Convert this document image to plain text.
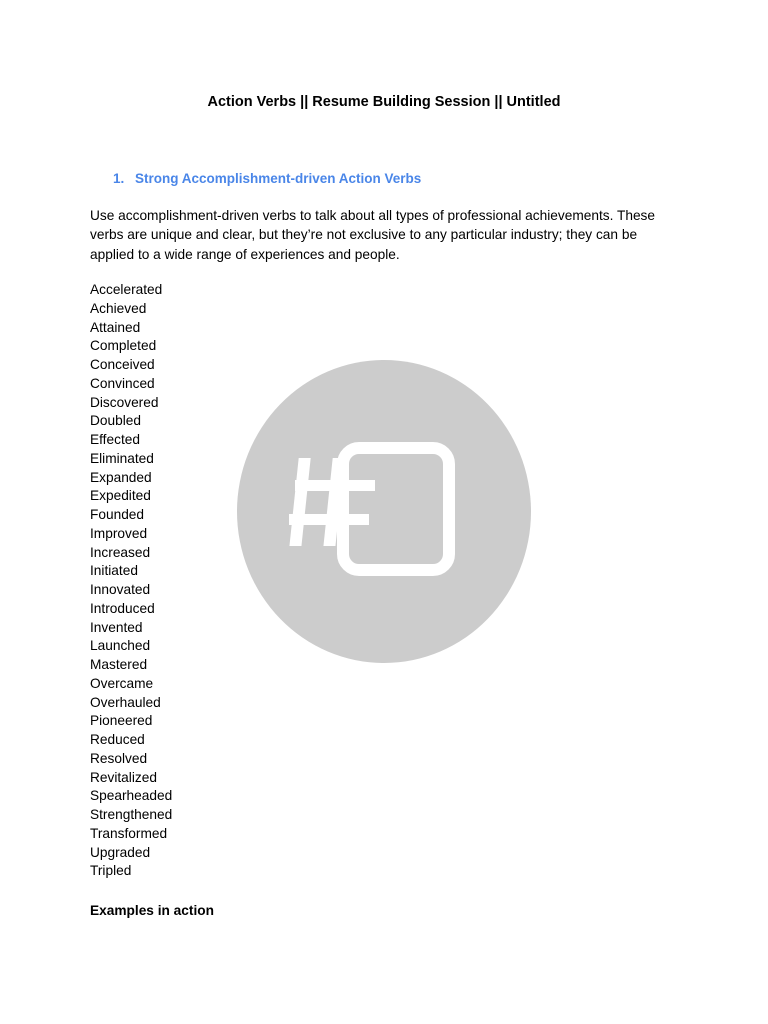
Action Verbs || Resume Building Session || Untitled
1. Strong Accomplishment-driven Action Verbs

Use accomplishment-driven verbs to talk about all types of professional achievements. These verbs are unique and clear, but they’re not exclusive to any particular industry; they can be applied to a wide range of experiences and people.

Accelerated
Achieved
Attained
Completed
Conceived
Convinced
Discovered
Doubled
Effected
Eliminated
Expanded
Expedited
Founded
Improved
Increased
Initiated
Innovated
Introduced
Invented
Launched
Mastered
Overcame
Overhauled
Pioneered
Reduced
Resolved
Revitalized
Spearheaded
Strengthened
Transformed
Upgraded
Tripled
Examples in action
